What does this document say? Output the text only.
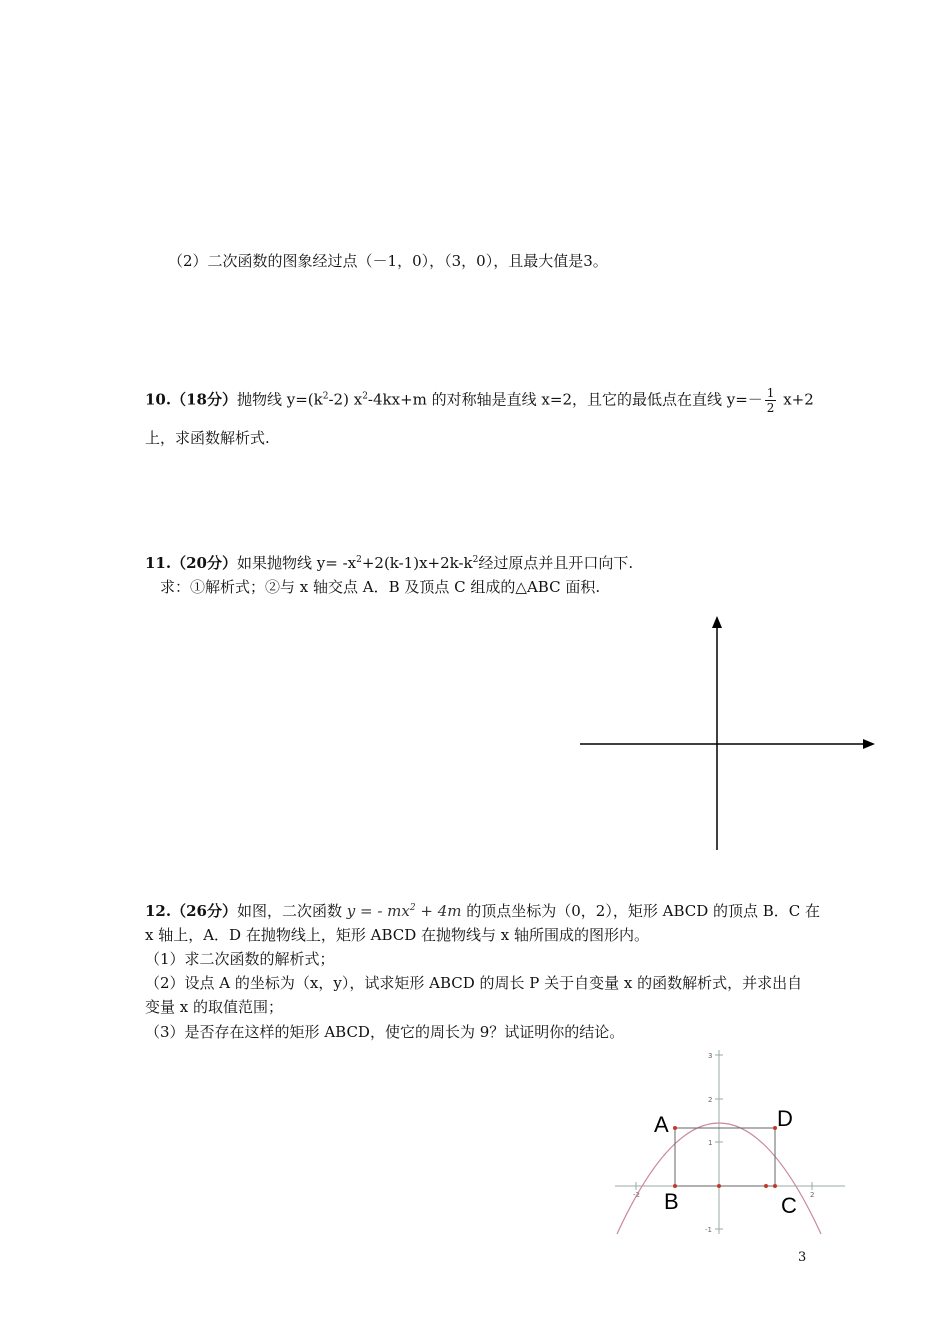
（2）二次函数的图象经过点（－1，0），（3，0），且最大值是3。
10.（18分）抛物线 $y=(k^2-2)$ $x^2-4kx+m$ 的对称轴是直线 x=2，且它的最低点在直线 $y=- \frac{1}{2} x+2$
上，求函数解析式.
11.（20分）如果抛物线 $y= -x^2+2(k-1)x+2k-k^2$经过原点并且开口向下.
求：①解析式；②与 x 轴交点 A．B 及顶点 C 组成的△ABC 面积.
12.（26分）如图，二次函数 y = - $mx^2 + 4m$ 的顶点坐标为（0，2），矩形 ABCD 的顶点 B．C 在
x 轴上，A．D 在抛物线上，矩形 ABCD 在抛物线与 x 轴所围成的图形内。
（1）求二次函数的解析式；
（2）设点 A 的坐标为（x，y），试求矩形 ABCD 的周长 P 关于自变量 x 的函数解析式，并求出自
变量 x 的取值范围；
（3）是否存在这样的矩形 ABCD，使它的周长为 9？试证明你的结论。
3
2
1
-1
-2	2
A	D
B	C
3
